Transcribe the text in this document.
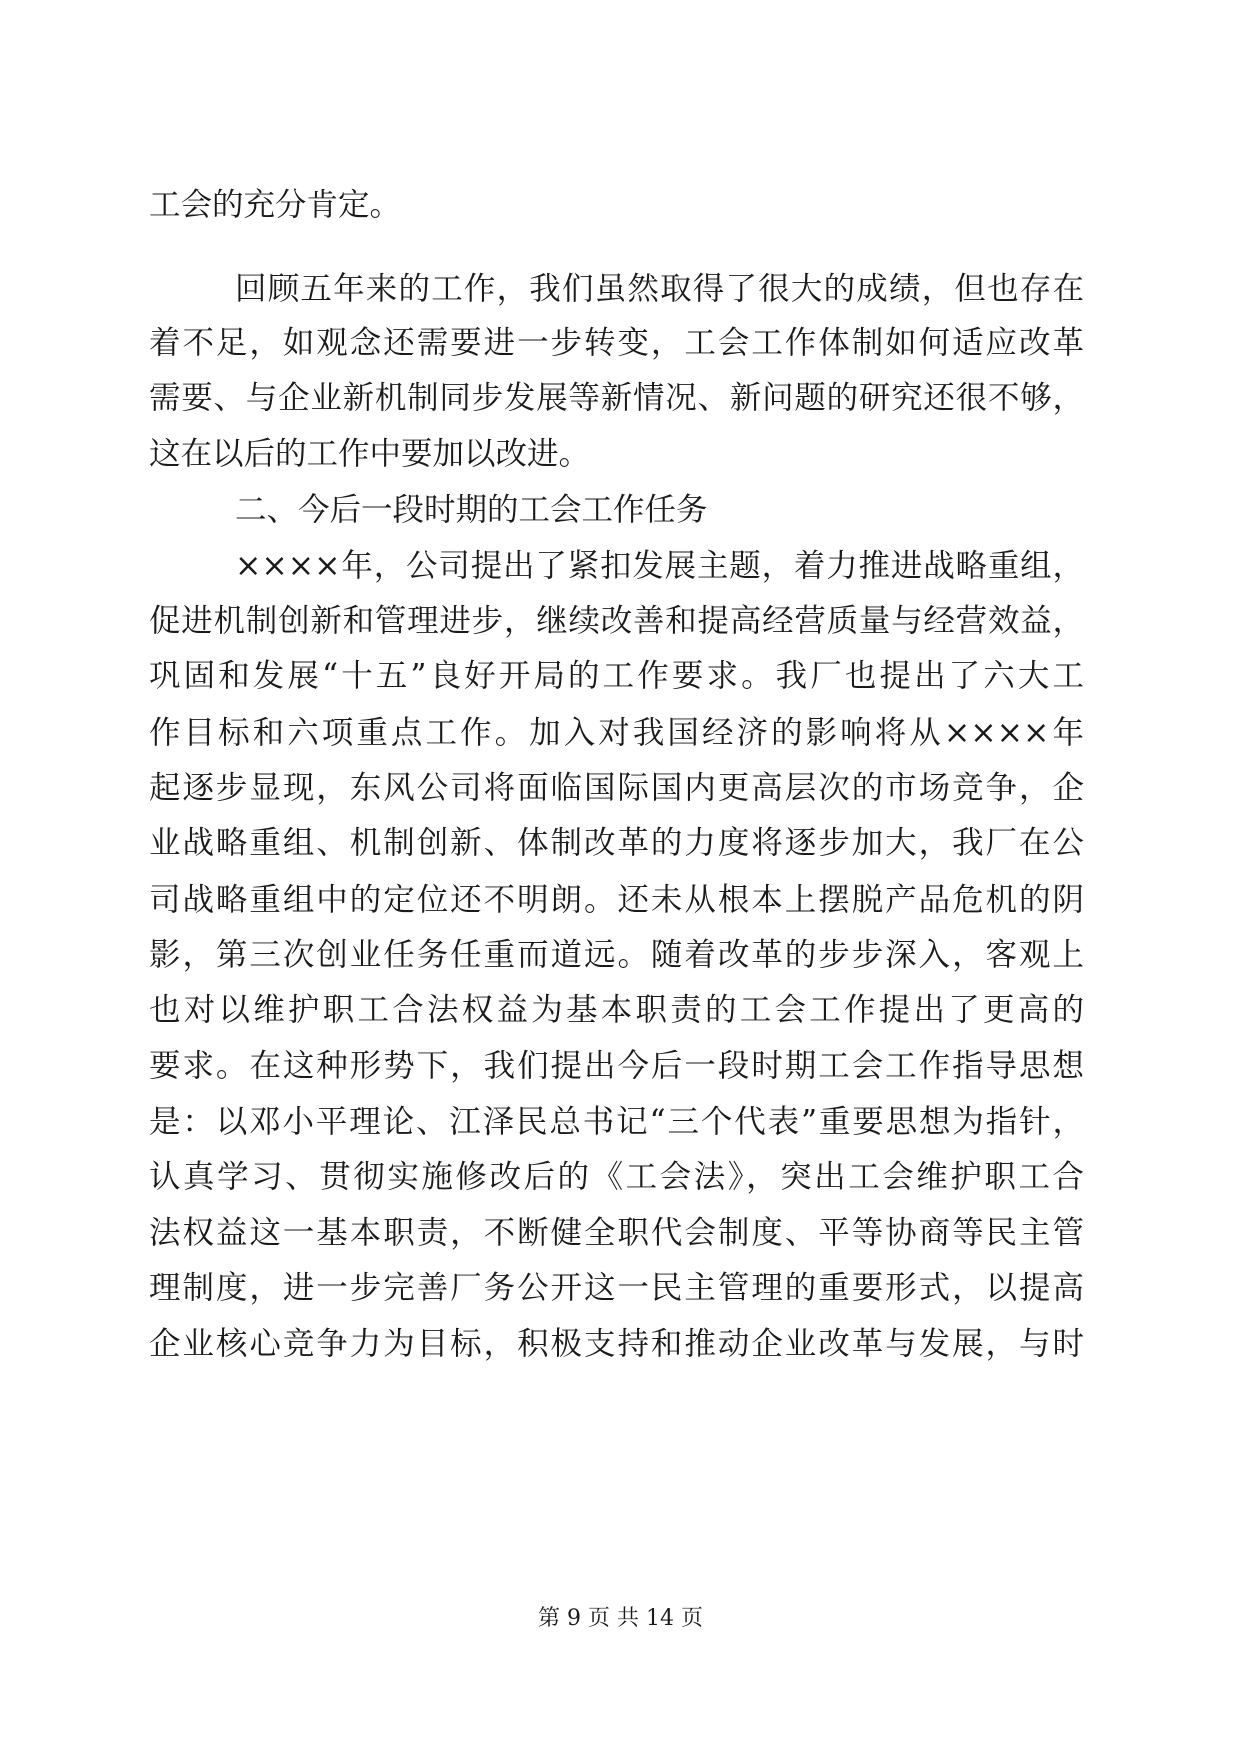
工会的充分肯定。
回顾五年来的工作，我们虽然取得了很大的成绩，但也存在
着不足，如观念还需要进一步转变，工会工作体制如何适应改革
需要、与企业新机制同步发展等新情况、新问题的研究还很不够，
这在以后的工作中要加以改进。
二、今后一段时期的工会工作任务
××××年，公司提出了紧扣发展主题，着力推进战略重组，
促进机制创新和管理进步，继续改善和提高经营质量与经营效益，
巩固和发展“十五”良好开局的工作要求。我厂也提出了六大工
作目标和六项重点工作。加入对我国经济的影响将从××××年
起逐步显现，东风公司将面临国际国内更高层次的市场竞争，企
业战略重组、机制创新、体制改革的力度将逐步加大，我厂在公
司战略重组中的定位还不明朗。还未从根本上摆脱产品危机的阴
影，第三次创业任务任重而道远。随着改革的步步深入，客观上
也对以维护职工合法权益为基本职责的工会工作提出了更高的
要求。在这种形势下，我们提出今后一段时期工会工作指导思想
是：以邓小平理论、江泽民总书记“三个代表”重要思想为指针，
认真学习、贯彻实施修改后的《工会法》，突出工会维护职工合
法权益这一基本职责，不断健全职代会制度、平等协商等民主管
理制度，进一步完善厂务公开这一民主管理的重要形式，以提高
企业核心竞争力为目标，积极支持和推动企业改革与发展，与时
第 9 页 共 14 页
